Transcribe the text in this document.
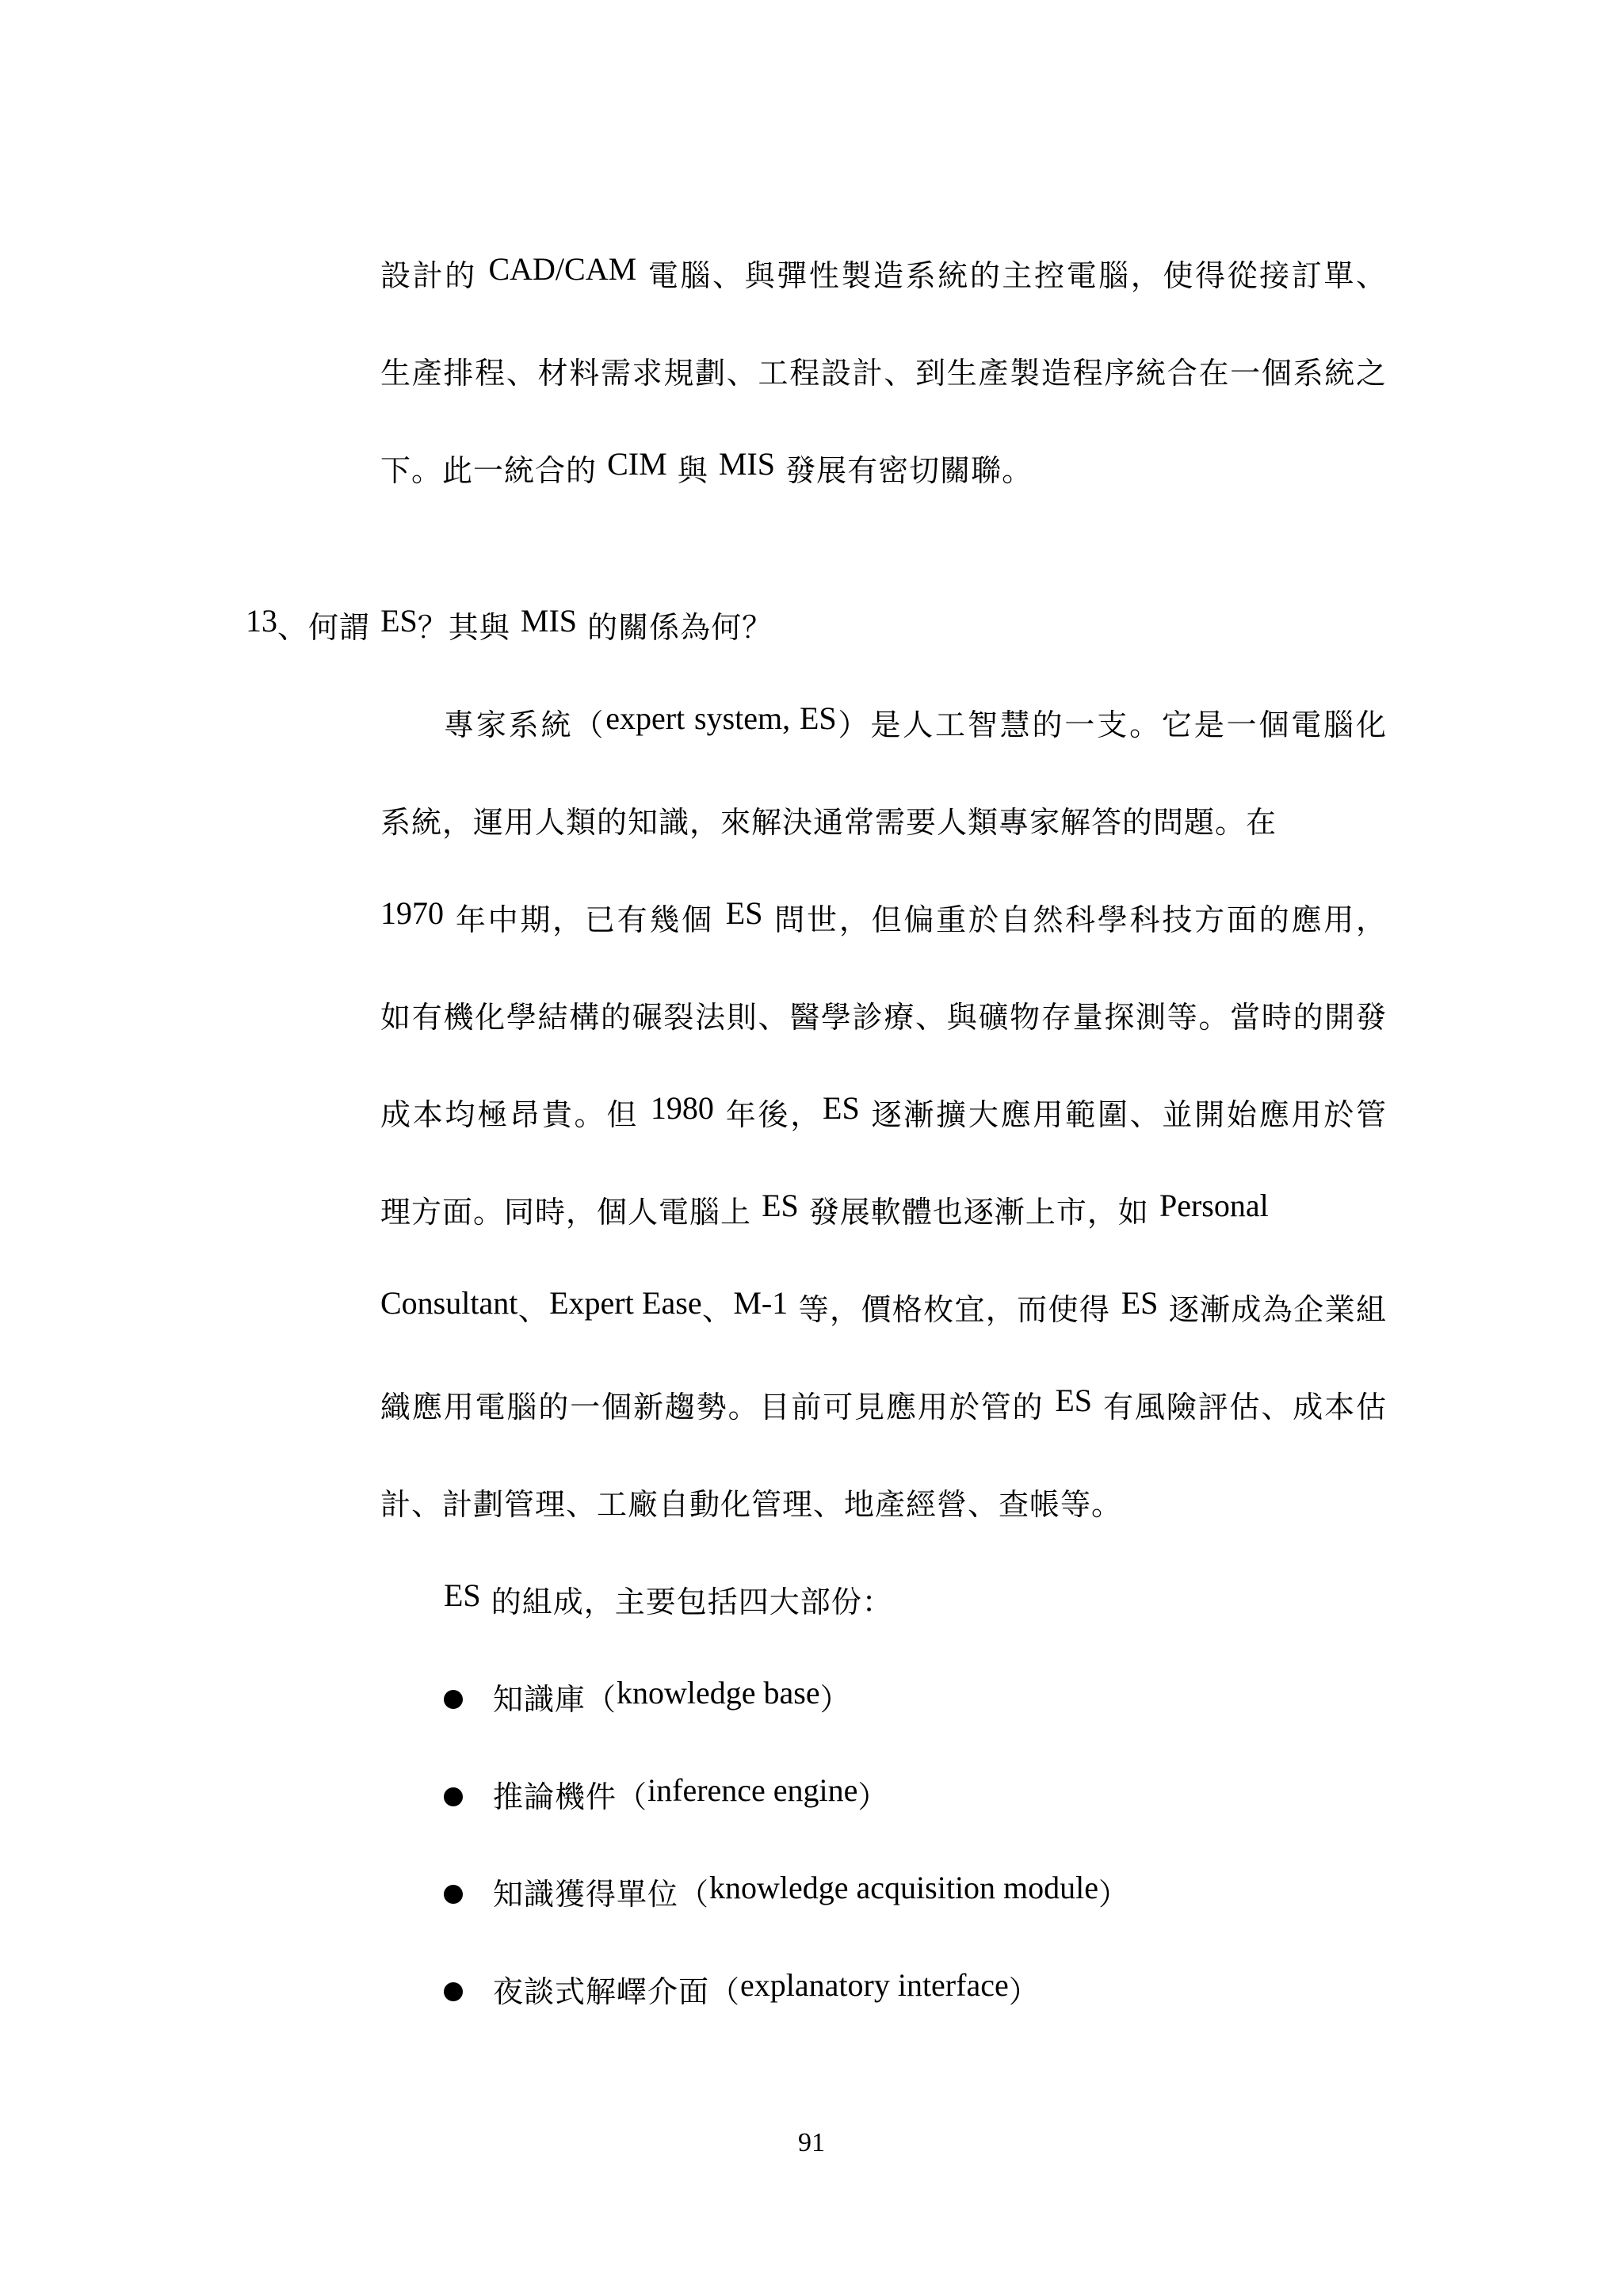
設計的 CAD/CAM 電腦、與彈性製造系統的主控電腦，使得從接訂單、
生產排程、材料需求規劃、工程設計、到生產製造程序統合在一個系統之
下。此一統合的 CIM 與 MIS 發展有密切關聯。
13、何謂 ES？其與 MIS 的關係為何？
專家系統（expert system, ES）是人工智慧的一支。它是一個電腦化
系統，運用人類的知識，來解決通常需要人類專家解答的問題。在
1970 年中期，已有幾個 ES 問世，但偏重於自然科學科技方面的應用，
如有機化學結構的碾裂法則、醫學診療、與礦物存量探測等。當時的開發
成本均極昂貴。但 1980 年後，ES 逐漸擴大應用範圍、並開始應用於管
理方面。同時，個人電腦上 ES 發展軟體也逐漸上市，如 Personal
Consultant、Expert Ease、M-1 等，價格枚宜，而使得 ES 逐漸成為企業組
織應用電腦的一個新趨勢。目前可見應用於管的 ES 有風險評估、成本估
計、計劃管理、工廠自動化管理、地產經營、查帳等。
ES 的組成，主要包括四大部份：
知識庫（knowledge base）
推論機件（inference engine）
知識獲得單位（knowledge acquisition module）
夜談式解嶧介面（explanatory interface）
91
